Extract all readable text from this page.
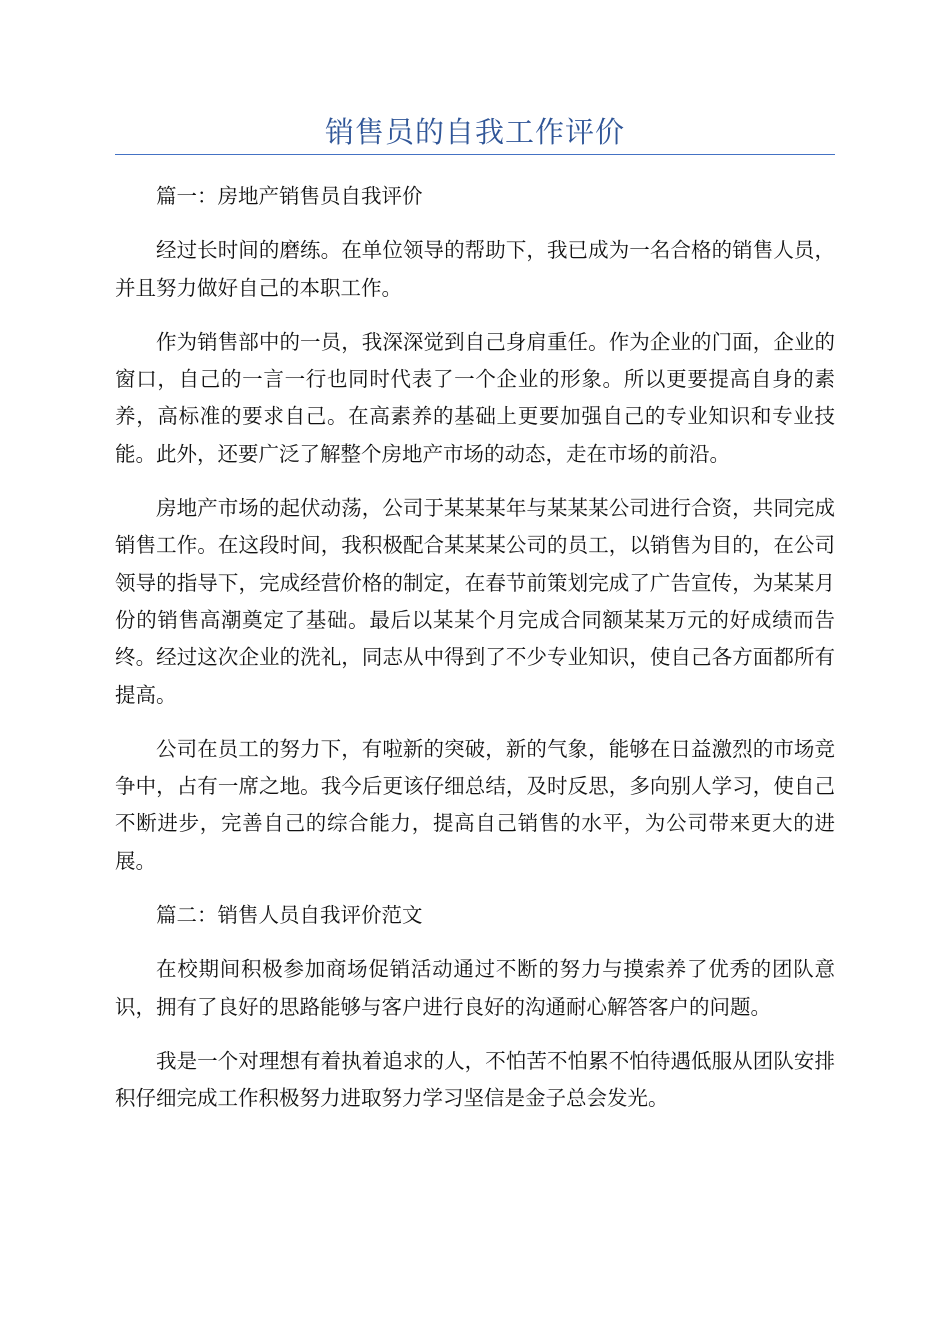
销售员的自我工作评价

篇一：房地产销售员自我评价

经过长时间的磨练。在单位领导的帮助下，我已成为一名合格的销售人员，并且努力做好自己的本职工作。

作为销售部中的一员，我深深觉到自己身肩重任。作为企业的门面，企业的窗口，自己的一言一行也同时代表了一个企业的形象。所以更要提高自身的素养，高标准的要求自己。在高素养的基础上更要加强自己的专业知识和专业技能。此外，还要广泛了解整个房地产市场的动态，走在市场的前沿。

房地产市场的起伏动荡，公司于某某某年与某某某公司进行合资，共同完成销售工作。在这段时间，我积极配合某某某公司的员工，以销售为目的，在公司领导的指导下，完成经营价格的制定，在春节前策划完成了广告宣传，为某某月份的销售高潮奠定了基础。最后以某某个月完成合同额某某万元的好成绩而告终。经过这次企业的洗礼，同志从中得到了不少专业知识，使自己各方面都所有提高。

公司在员工的努力下，有啦新的突破，新的气象，能够在日益激烈的市场竞争中，占有一席之地。我今后更该仔细总结，及时反思，多向别人学习，使自己不断进步，完善自己的综合能力，提高自己销售的水平，为公司带来更大的进展。

篇二：销售人员自我评价范文

在校期间积极参加商场促销活动通过不断的努力与摸索养了优秀的团队意识，拥有了良好的思路能够与客户进行良好的沟通耐心解答客户的问题。

我是一个对理想有着执着追求的人，不怕苦不怕累不怕待遇低服从团队安排积仔细完成工作积极努力进取努力学习坚信是金子总会发光。
